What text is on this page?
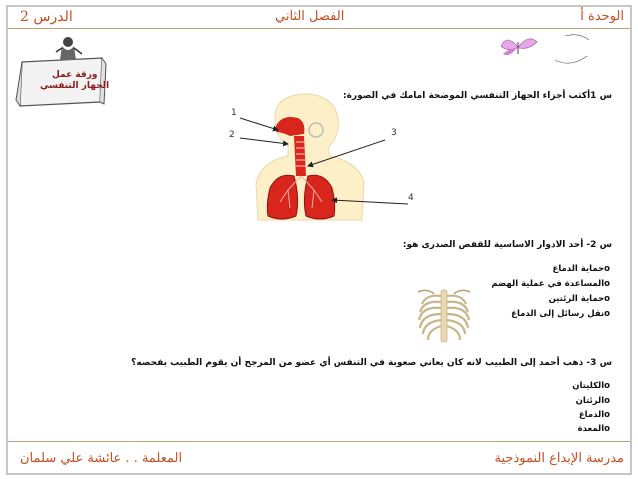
الوحدة أ
الفصل الثاني
الدرس 2
ورقة عمل
الجهاز التنفسي
س 1أكتب أجزاء الجهاز التنفسي الموضحة امامك في الصورة:
1
2	3
4
س 2- أحد الادوار الاساسية للقفص الصدرى هو:
oحماية الدماغ
oالمساعدة في عملية الهضم
oحماية الرئتين
oنقل رسائل إلى الدماغ
س 3- ذهب أحمد إلى الطبيب لانه كان يعاني صعوبة في التنفس أي عضو من المرجح أن يقوم الطبيب بفحصه؟
oالكليتان
oالرئتان
oالدماغ
oالمعدة
مدرسة الإبداع النموذجية
المعلمة . . عائشة علي سلمان
